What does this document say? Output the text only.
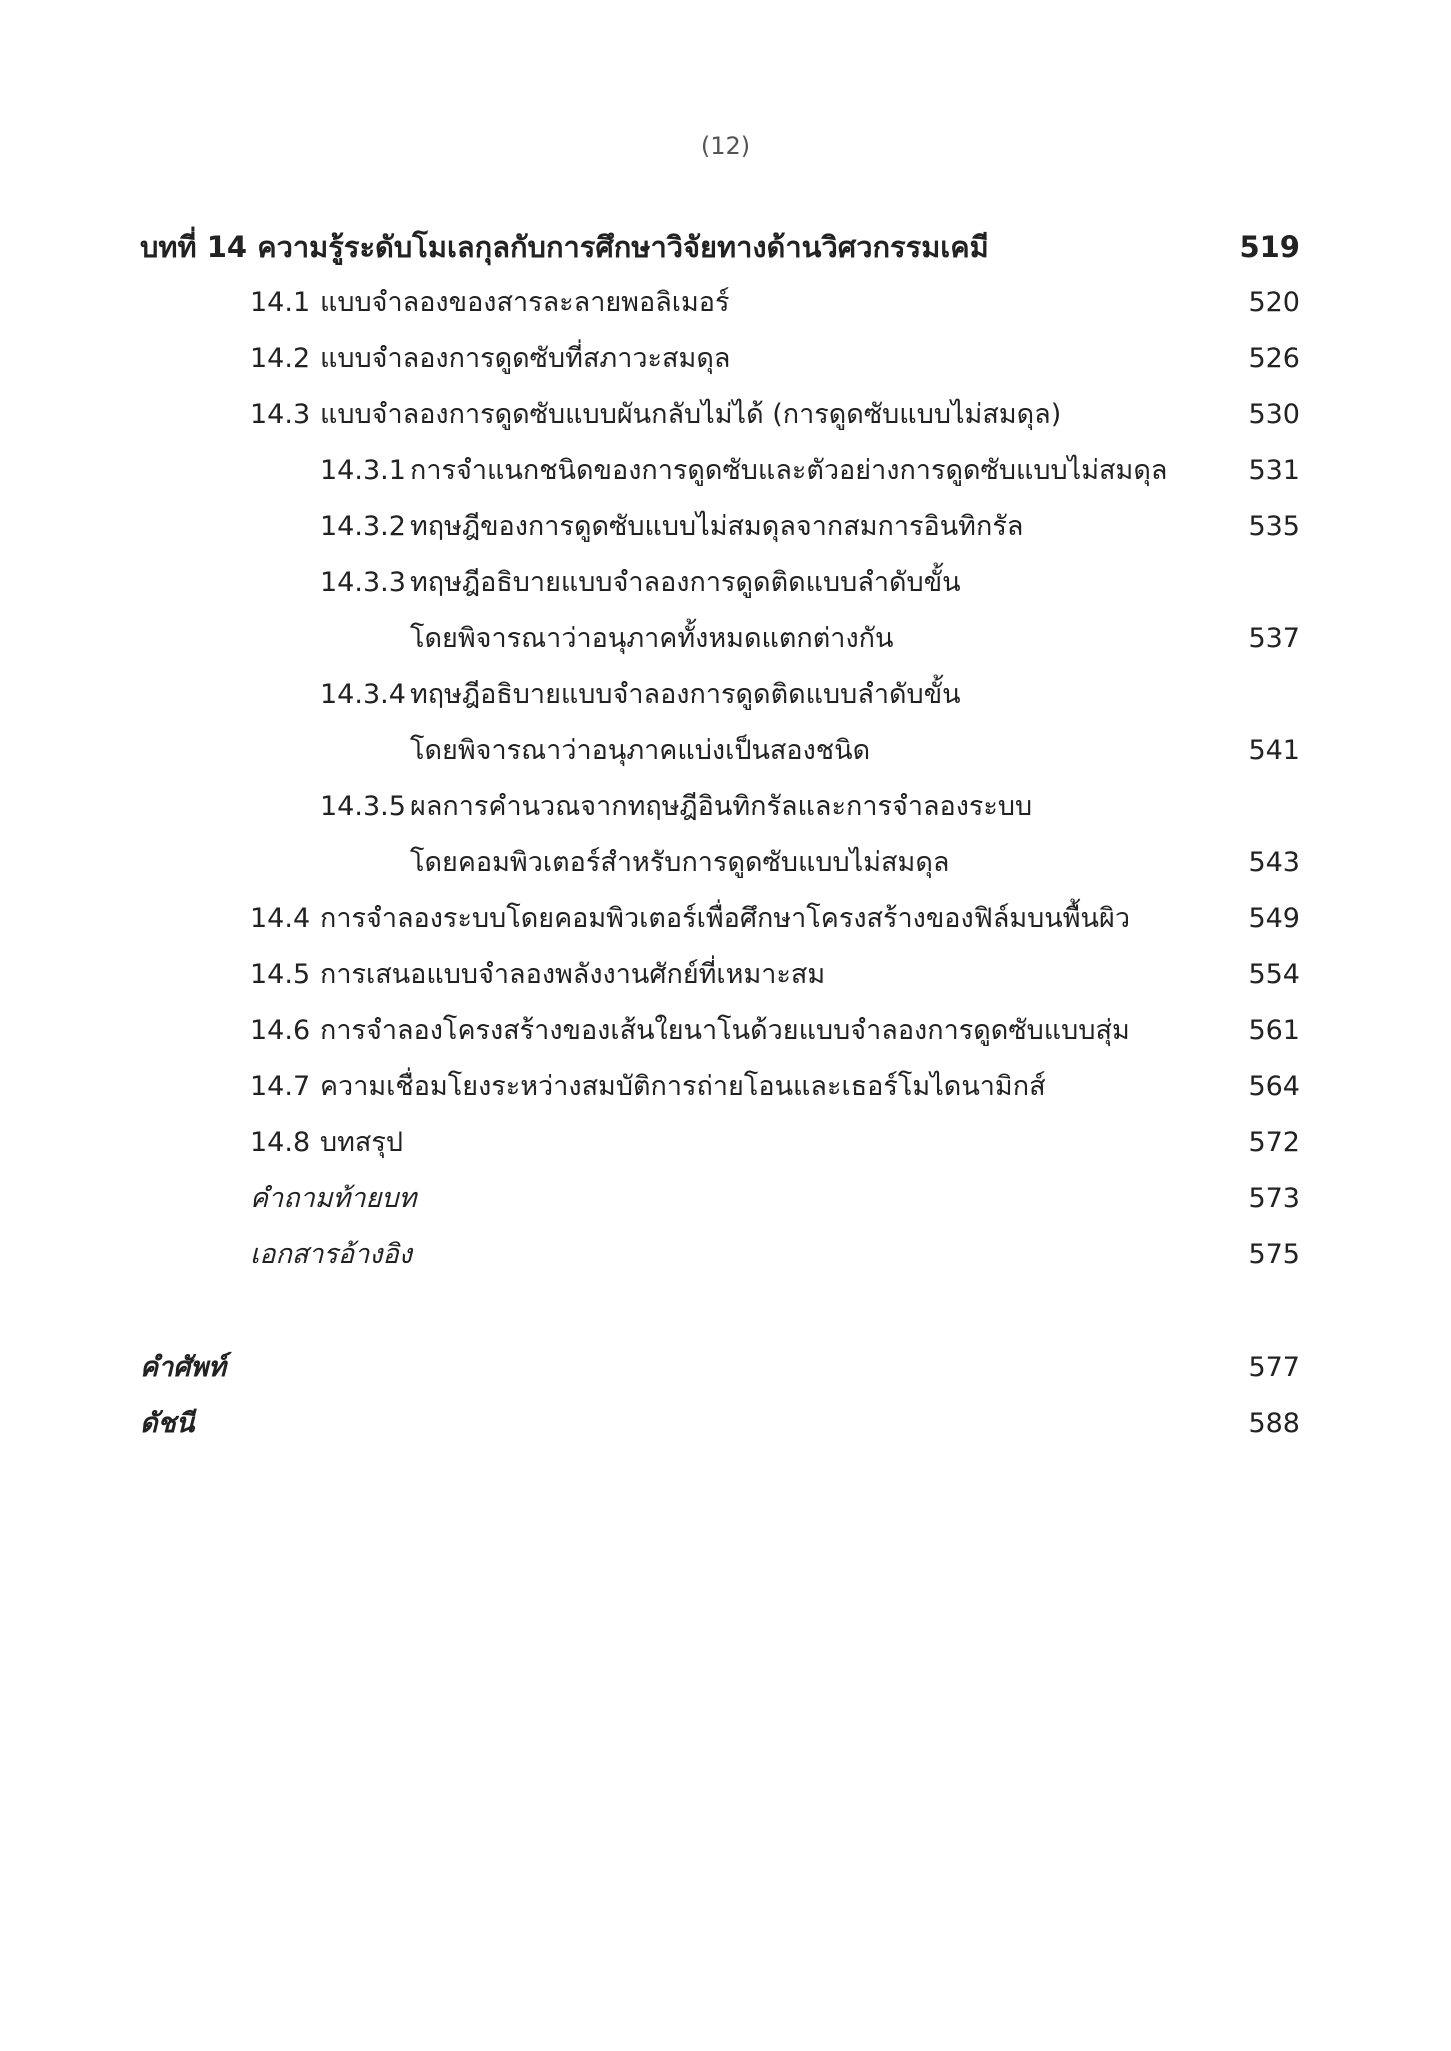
(12)
บทที่ 14 ความรู้ระดับโมเลกุลกับการศึกษาวิจัยทางด้านวิศวกรรมเคมี	519
14.1 แบบจำลองของสารละลายพอลิเมอร์	520
14.2 แบบจำลองการดูดซับที่สภาวะสมดุล	526
14.3 แบบจำลองการดูดซับแบบผันกลับไม่ได้ (การดูดซับแบบไม่สมดุล)	530
14.3.1 การจำแนกชนิดของการดูดซับและตัวอย่างการดูดซับแบบไม่สมดุล	531
14.3.2 ทฤษฎีของการดูดซับแบบไม่สมดุลจากสมการอินทิกรัล	535
14.3.3 ทฤษฎีอธิบายแบบจำลองการดูดติดแบบลำดับขั้น
โดยพิจารณาว่าอนุภาคทั้งหมดแตกต่างกัน	537
14.3.4 ทฤษฎีอธิบายแบบจำลองการดูดติดแบบลำดับขั้น
โดยพิจารณาว่าอนุภาคแบ่งเป็นสองชนิด	541
14.3.5 ผลการคำนวณจากทฤษฎีอินทิกรัลและการจำลองระบบ
โดยคอมพิวเตอร์สำหรับการดูดซับแบบไม่สมดุล	543
14.4 การจำลองระบบโดยคอมพิวเตอร์เพื่อศึกษาโครงสร้างของฟิล์มบนพื้นผิว	549
14.5 การเสนอแบบจำลองพลังงานศักย์ที่เหมาะสม	554
14.6 การจำลองโครงสร้างของเส้นใยนาโนด้วยแบบจำลองการดูดซับแบบสุ่ม	561
14.7 ความเชื่อมโยงระหว่างสมบัติการถ่ายโอนและเธอร์โมไดนามิกส์	564
14.8 บทสรุป	572
คำถามท้ายบท	573
เอกสารอ้างอิง	575
คำศัพท์	577
ดัชนี	588
